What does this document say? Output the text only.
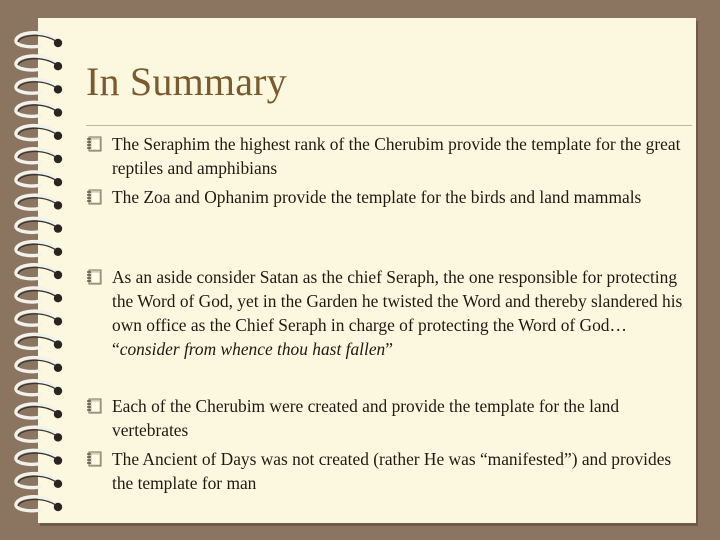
In Summary
The Seraphim the highest rank of the Cherubim provide the template for the great reptiles and amphibians
The Zoa and Ophanim provide the template for the birds and land mammals
As an aside consider Satan as the chief Seraph, the one responsible for protecting the Word of God, yet in the Garden he twisted the Word and thereby slandered his own office as the Chief Seraph in charge of protecting the Word of God… “consider from whence thou hast fallen”
Each of the Cherubim were created and provide the template for the land vertebrates
The Ancient of Days was not created (rather He was “manifested”) and provides the template for man
